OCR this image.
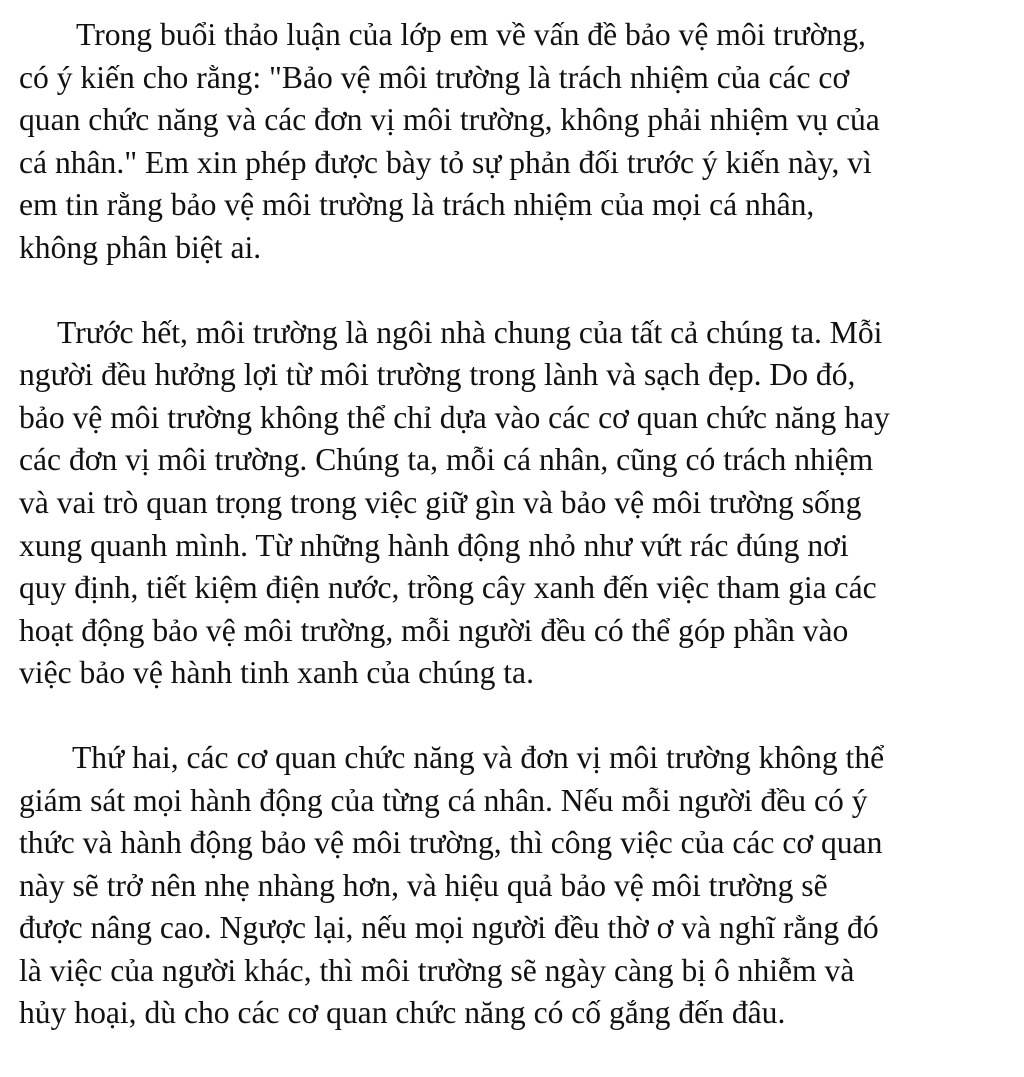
Trong buổi thảo luận của lớp em về vấn đề bảo vệ môi trường,
có ý kiến cho rằng: "Bảo vệ môi trường là trách nhiệm của các cơ
quan chức năng và các đơn vị môi trường, không phải nhiệm vụ của
cá nhân." Em xin phép được bày tỏ sự phản đối trước ý kiến này, vì
em tin rằng bảo vệ môi trường là trách nhiệm của mọi cá nhân,
không phân biệt ai.

Trước hết, môi trường là ngôi nhà chung của tất cả chúng ta. Mỗi
người đều hưởng lợi từ môi trường trong lành và sạch đẹp. Do đó,
bảo vệ môi trường không thể chỉ dựa vào các cơ quan chức năng hay
các đơn vị môi trường. Chúng ta, mỗi cá nhân, cũng có trách nhiệm
và vai trò quan trọng trong việc giữ gìn và bảo vệ môi trường sống
xung quanh mình. Từ những hành động nhỏ như vứt rác đúng nơi
quy định, tiết kiệm điện nước, trồng cây xanh đến việc tham gia các
hoạt động bảo vệ môi trường, mỗi người đều có thể góp phần vào
việc bảo vệ hành tinh xanh của chúng ta.

Thứ hai, các cơ quan chức năng và đơn vị môi trường không thể
giám sát mọi hành động của từng cá nhân. Nếu mỗi người đều có ý
thức và hành động bảo vệ môi trường, thì công việc của các cơ quan
này sẽ trở nên nhẹ nhàng hơn, và hiệu quả bảo vệ môi trường sẽ
được nâng cao. Ngược lại, nếu mọi người đều thờ ơ và nghĩ rằng đó
là việc của người khác, thì môi trường sẽ ngày càng bị ô nhiễm và
hủy hoại, dù cho các cơ quan chức năng có cố gắng đến đâu.
